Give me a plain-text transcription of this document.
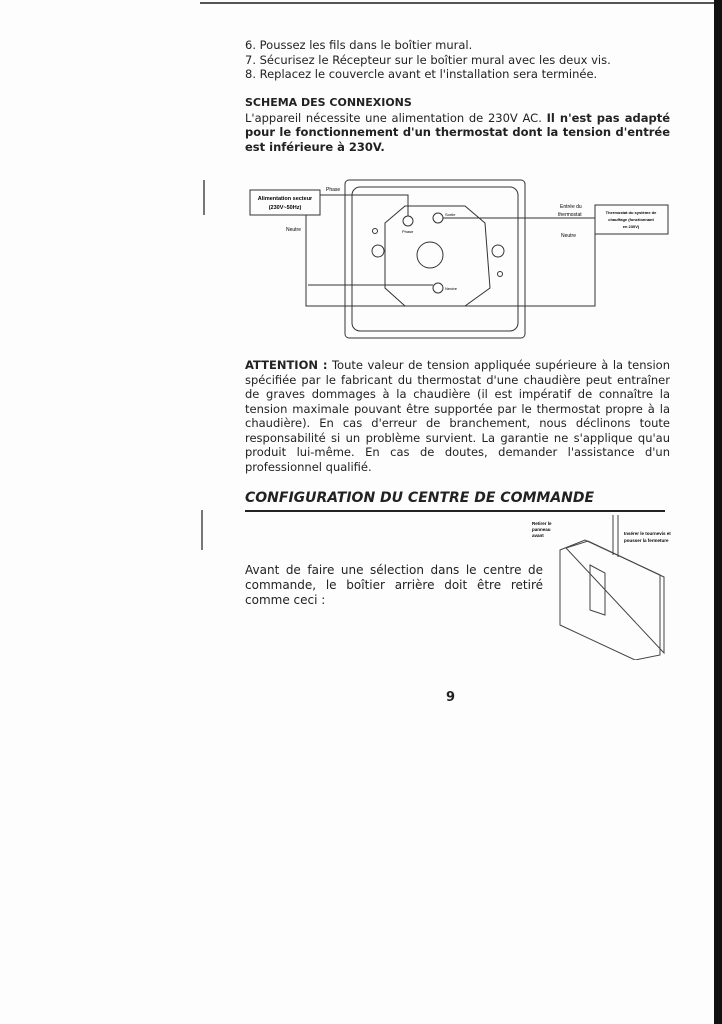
6. Poussez les fils dans le boîtier mural.
7. Sécurisez le Récepteur sur le boîtier mural avec les deux vis.
8. Replacez le couvercle avant et l'installation sera terminée.
SCHEMA DES CONNEXIONS
L'appareil nécessite une alimentation de 230V AC. Il n'est pas adapté pour le fonctionnement d'un thermostat dont la tension d'entrée est inférieure à 230V.
Alimentation secteur
(230V~50Hz)
Phase
Neutre	Phase
Sortie
Neutre
Entrée du
thermostat
Neutre
Thermostat du système de
chauffage (fonctionnant
en 230V)
ATTENTION : Toute valeur de tension appliquée supérieure à la tension spécifiée par le fabricant du thermostat d'une chaudière peut entraîner de graves dommages à la chaudière (il est impératif de connaître la tension maximale pouvant être supportée par le thermostat propre à la chaudière). En cas d'erreur de branchement, nous déclinons toute responsabilité si un problème survient. La garantie ne s'applique qu'au produit lui-même. En cas de doutes, demander l'assistance d'un professionnel qualifié.
CONFIGURATION DU CENTRE DE COMMANDE
Avant de faire une sélection dans le centre de commande, le boîtier arrière doit être retiré comme ceci :
Retirer le
panneau
avant	Insérer le tournevis et
pousser la fermeture
9
